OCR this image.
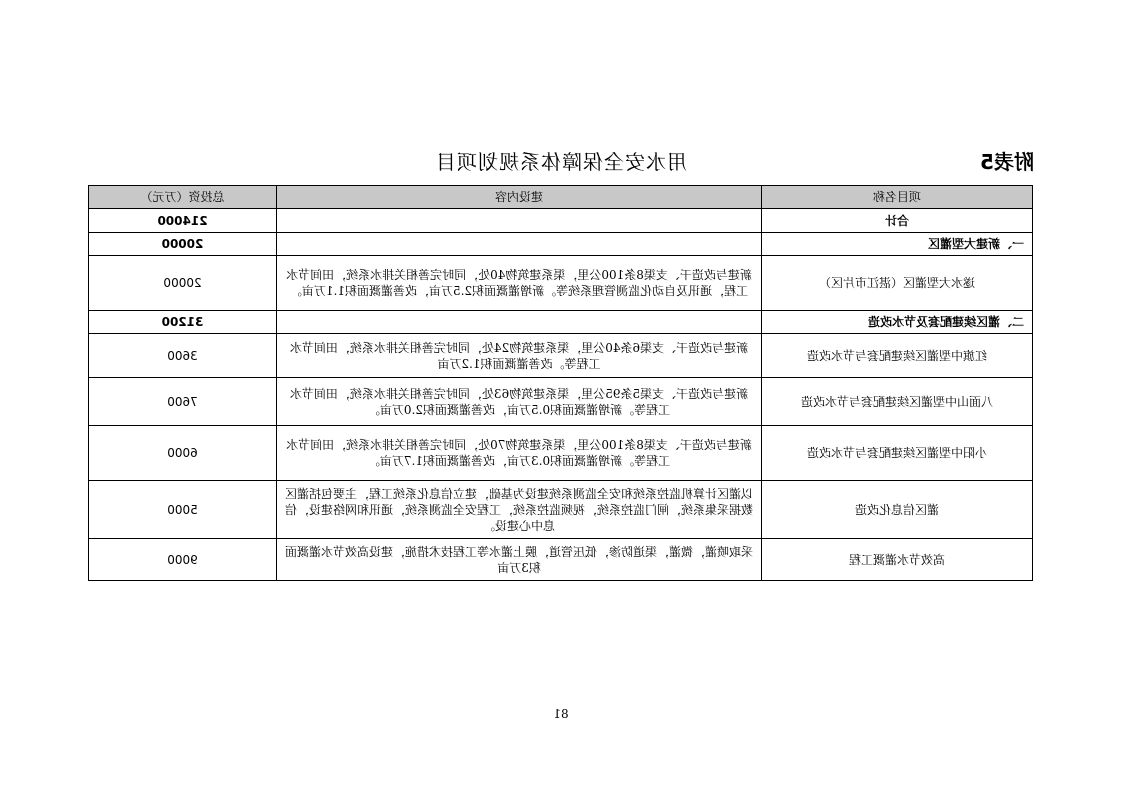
附表5
用水安全保障体系规划项目
项目名称	建设内容	总投资（万元）
合计		214000
一、新建大型灌区		20000
遂水大型灌区（湛江市片区）	新建与改造干、支渠8条100公里，渠系建筑物40处，同时完善相关排水系统，田间节水工程，通讯及自动化监测管理系统等。新增灌溉面积2.5万亩，改善灌溉面积1.1万亩。	20000
二、灌区续建配套及节水改造		31200
红旗中型灌区续建配套与节水改造	新建与改造干、支渠6条40公里，渠系建筑物24处，同时完善相关排水系统，田间节水工程等。改善灌溉面积1.2万亩	3600
八面山中型灌区续建配套与节水改造	新建与改造干、支渠5条95公里，渠系建筑物63处，同时完善相关排水系统，田间节水工程等。新增灌溉面积0.5万亩，改善灌溉面积2.0万亩。	7600
小阳中型灌区续建配套与节水改造	新建与改造干、支渠8条100公里，渠系建筑物70处，同时完善相关排水系统，田间节水工程等。新增灌溉面积0.3万亩，改善灌溉面积1.7万亩。	6000
灌区信息化改造	以灌区计算机监控系统和安全监测系统建设为基础，建立信息化系统工程，主要包括灌区数据采集系统，闸门监控系统，视频监控系统，工程安全监测系统，通讯和网络建设，信息中心建设。	5000
高效节水灌溉工程	采取喷灌，微灌，渠道防渗，低压管道，膜上灌水等工程技术措施，建设高效节水灌溉面积3万亩	9000
81
